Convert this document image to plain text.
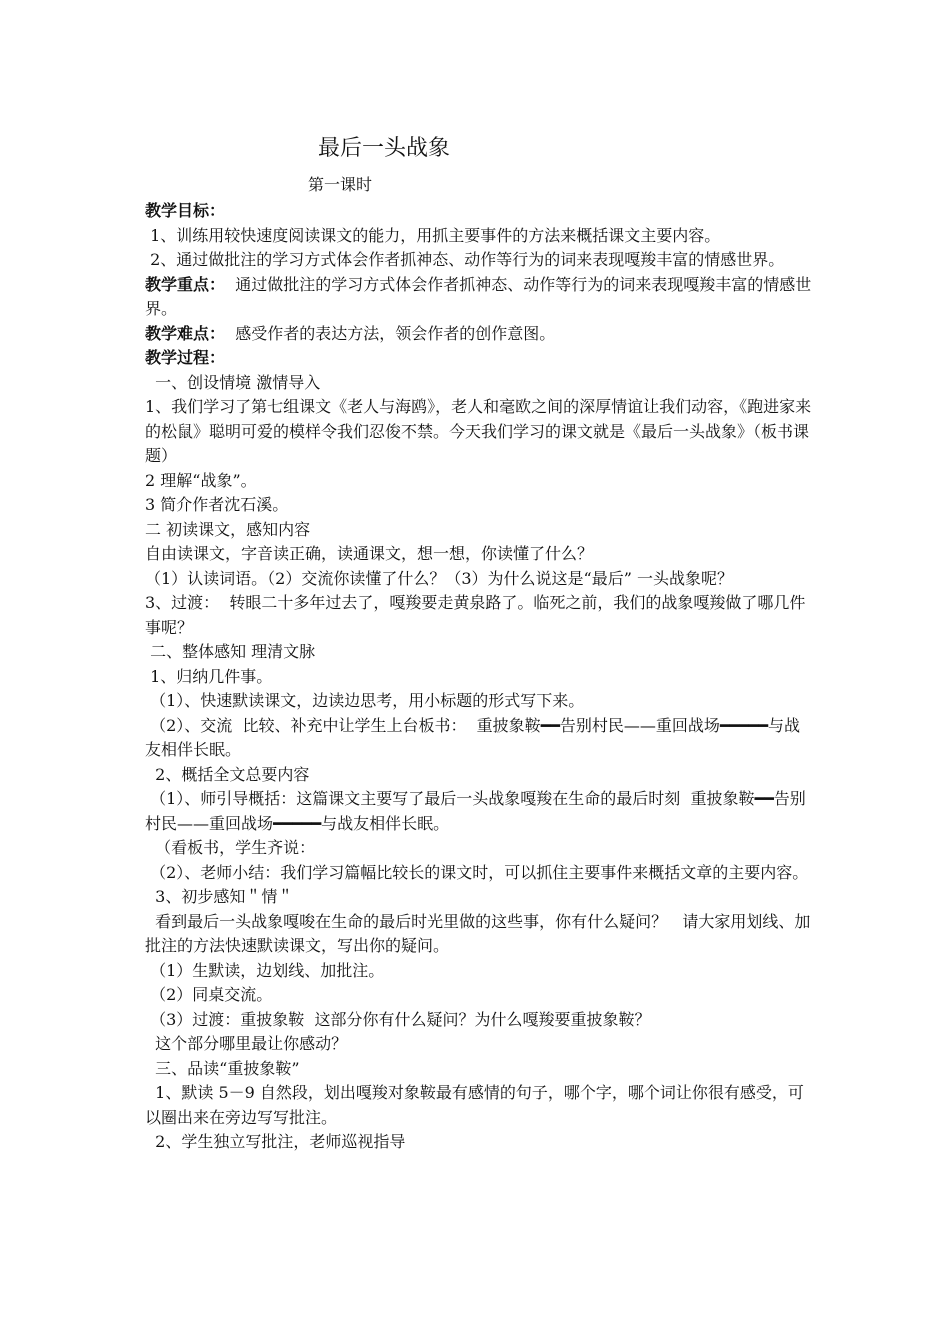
最后一头战象
第一课时

教学目标：

1、训练用较快速度阅读课文的能力，用抓主要事件的方法来概括课文主要内容。

2、通过做批注的学习方式体会作者抓神态、动作等行为的词来表现嘎羧丰富的情感世界。

教学重点：  通过做批注的学习方式体会作者抓神态、动作等行为的词来表现嘎羧丰富的情感世界。

教学难点：  感受作者的表达方法，领会作者的创作意图。

教学过程：

一、创设情境 激情导入

1、我们学习了第七组课文《老人与海鸥》，老人和毫欧之间的深厚情谊让我们动容，《跑进家来的松鼠》聪明可爱的模样令我们忍俊不禁。今天我们学习的课文就是《最后一头战象》（板书课题）

2 理解“战象”。

3 简介作者沈石溪。

二 初读课文，感知内容

自由读课文，字音读正确，读通课文，想一想，你读懂了什么？

（1）认读词语。（2）交流你读懂了什么？（3）为什么说这是“最后” 一头战象呢？

3、过渡：  转眼二十多年过去了，嘎羧要走黄泉路了。临死之前，我们的战象嘎羧做了哪几件事呢？

二、整体感知 理清文脉

1、归纳几件事。

（1）、快速默读课文，边读边思考，用小标题的形式写下来。

（2）、交流  比较、补充中让学生上台板书：  重披象鞍━━告别村民——重回战场━━━━━与战友相伴长眠。

2、概括全文总要内容

（1）、师引导概括：这篇课文主要写了最后一头战象嘎羧在生命的最后时刻  重披象鞍━━告别村民——重回战场━━━━━与战友相伴长眠。

（看板书，学生齐说：

（2）、老师小结：我们学习篇幅比较长的课文时，可以抓住主要事件来概括文章的主要内容。

3、初步感知＂情＂

看到最后一头战象嘎唆在生命的最后时光里做的这些事，你有什么疑问？   请大家用划线、加批注的方法快速默读课文，写出你的疑问。

（1）生默读，边划线、加批注。

（2）同桌交流。

（3）过渡：重披象鞍  这部分你有什么疑问？为什么嘎羧要重披象鞍？

这个部分哪里最让你感动？

三、品读“重披象鞍”

1、默读 5－9 自然段，划出嘎羧对象鞍最有感情的句子，哪个字，哪个词让你很有感受，可以圈出来在旁边写写批注。

2、学生独立写批注，老师巡视指导
